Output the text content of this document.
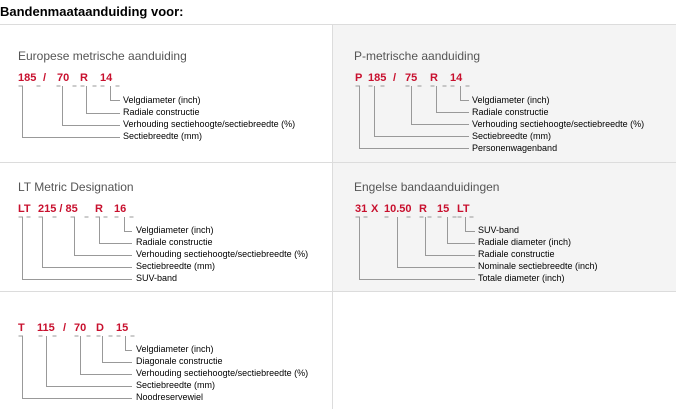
Bandenmaataanduiding voor:
Europese metrische aanduiding
185 / 70 R 14
Velgdiameter (inch)
Radiale constructie
Verhouding sectiehoogte/sectiebreedte (%)
Sectiebreedte (mm)
P-metrische aanduiding
P 185 / 75 R 14
Velgdiameter (inch)
Radiale constructie
Verhouding sectiehoogte/sectiebreedte (%)
Sectiebreedte (mm)
Personenwagenband
LT Metric Designation
LT 215 / 85 R 16
Velgdiameter (inch)
Radiale constructie
Verhouding sectiehoogte/sectiebreedte (%)
Sectiebreedte (mm)
SUV-band
Engelse bandaanduidingen
31 X 10.50 R 15 LT
SUV-band
Radiale diameter (inch)
Radiale constructie
Nominale sectiebreedte (inch)
Totale diameter (inch)
T 115 / 70 D 15
Velgdiameter (inch)
Diagonale constructie
Verhouding sectiehoogte/sectiebreedte (%)
Sectiebreedte (mm)
Noodreservewiel
